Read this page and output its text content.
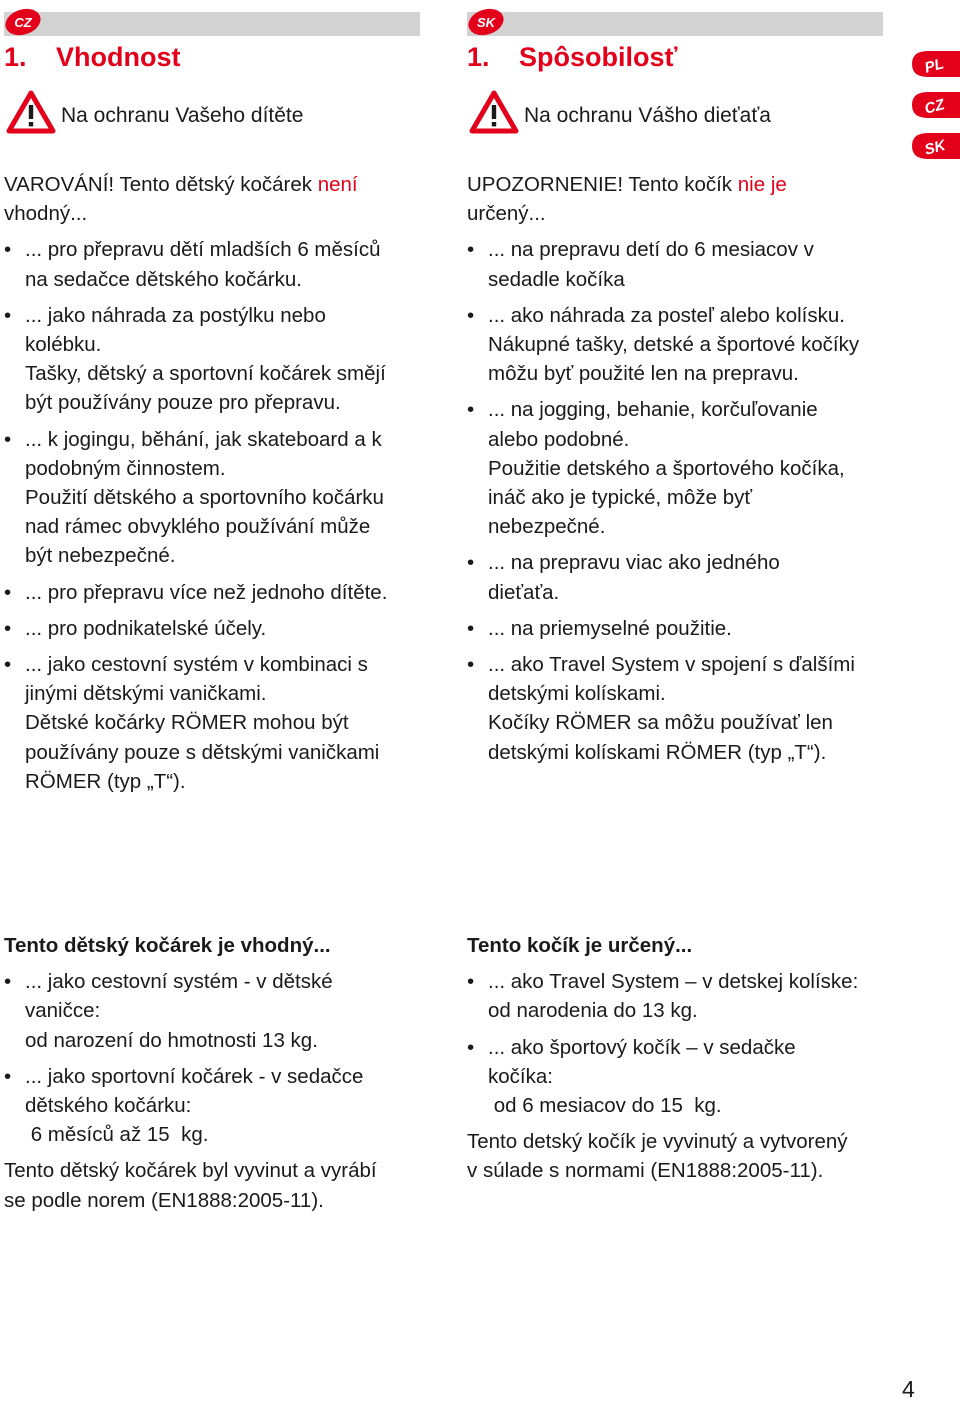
CZ
1. Vhodnost
Na ochranu Vašeho dítěte

VAROVÁNÍ! Tento dětský kočárek není
vhodný...

• ... pro přepravu dětí mladších 6 měsíců
na sedačce dětského kočárku.
• ... jako náhrada za postýlku nebo
kolébku.
Tašky, dětský a sportovní kočárek smějí
být používány pouze pro přepravu.
• ... k jogingu, běhání, jak skateboard a k
podobným činnostem.
Použití dětského a sportovního kočárku
nad rámec obvyklého používání může
být nebezpečné.
• ... pro přepravu více než jednoho dítěte.
• ... pro podnikatelské účely.
• ... jako cestovní systém v kombinaci s
jinými dětskými vaničkami.
Dětské kočárky RÖMER mohou být
používány pouze s dětskými vaničkami
RÖMER (typ „T“).

Tento dětský kočárek je vhodný...

• ... jako cestovní systém - v dětské
vaničce:
od narození do hmotnosti 13 kg.
• ... jako sportovní kočárek - v sedačce
dětského kočárku:
6 měsíců až 15  kg.

Tento dětský kočárek byl vyvinut a vyrábí
se podle norem (EN1888:2005-11).

SK
1. Spôsobilosť
Na ochranu Vášho dieťaťa

UPOZORNENIE! Tento kočík nie je
určený...

• ... na prepravu detí do 6 mesiacov v
sedadle kočíka
• ... ako náhrada za posteľ alebo kolísku.
Nákupné tašky, detské a športové kočíky
môžu byť použité len na prepravu.
• ... na jogging, behanie, korčuľovanie
alebo podobné.
Použitie detského a športového kočíka,
ináč ako je typické, môže byť
nebezpečné.
• ... na prepravu viac ako jedného
dieťaťa.
• ... na priemyselné použitie.
• ... ako Travel System v spojení s ďalšími
detskými kolískami.
Kočíky RÖMER sa môžu používať len
detskými kolískami RÖMER (typ „T“).

Tento kočík je určený...

• ... ako Travel System – v detskej kolíske:
od narodenia do 13 kg.
• ... ako športový kočík – v sedačke
kočíka:
od 6 mesiacov do 15  kg.

Tento detský kočík je vyvinutý a vytvorený
v súlade s normami (EN1888:2005-11).

PL
CZ
SK
4
